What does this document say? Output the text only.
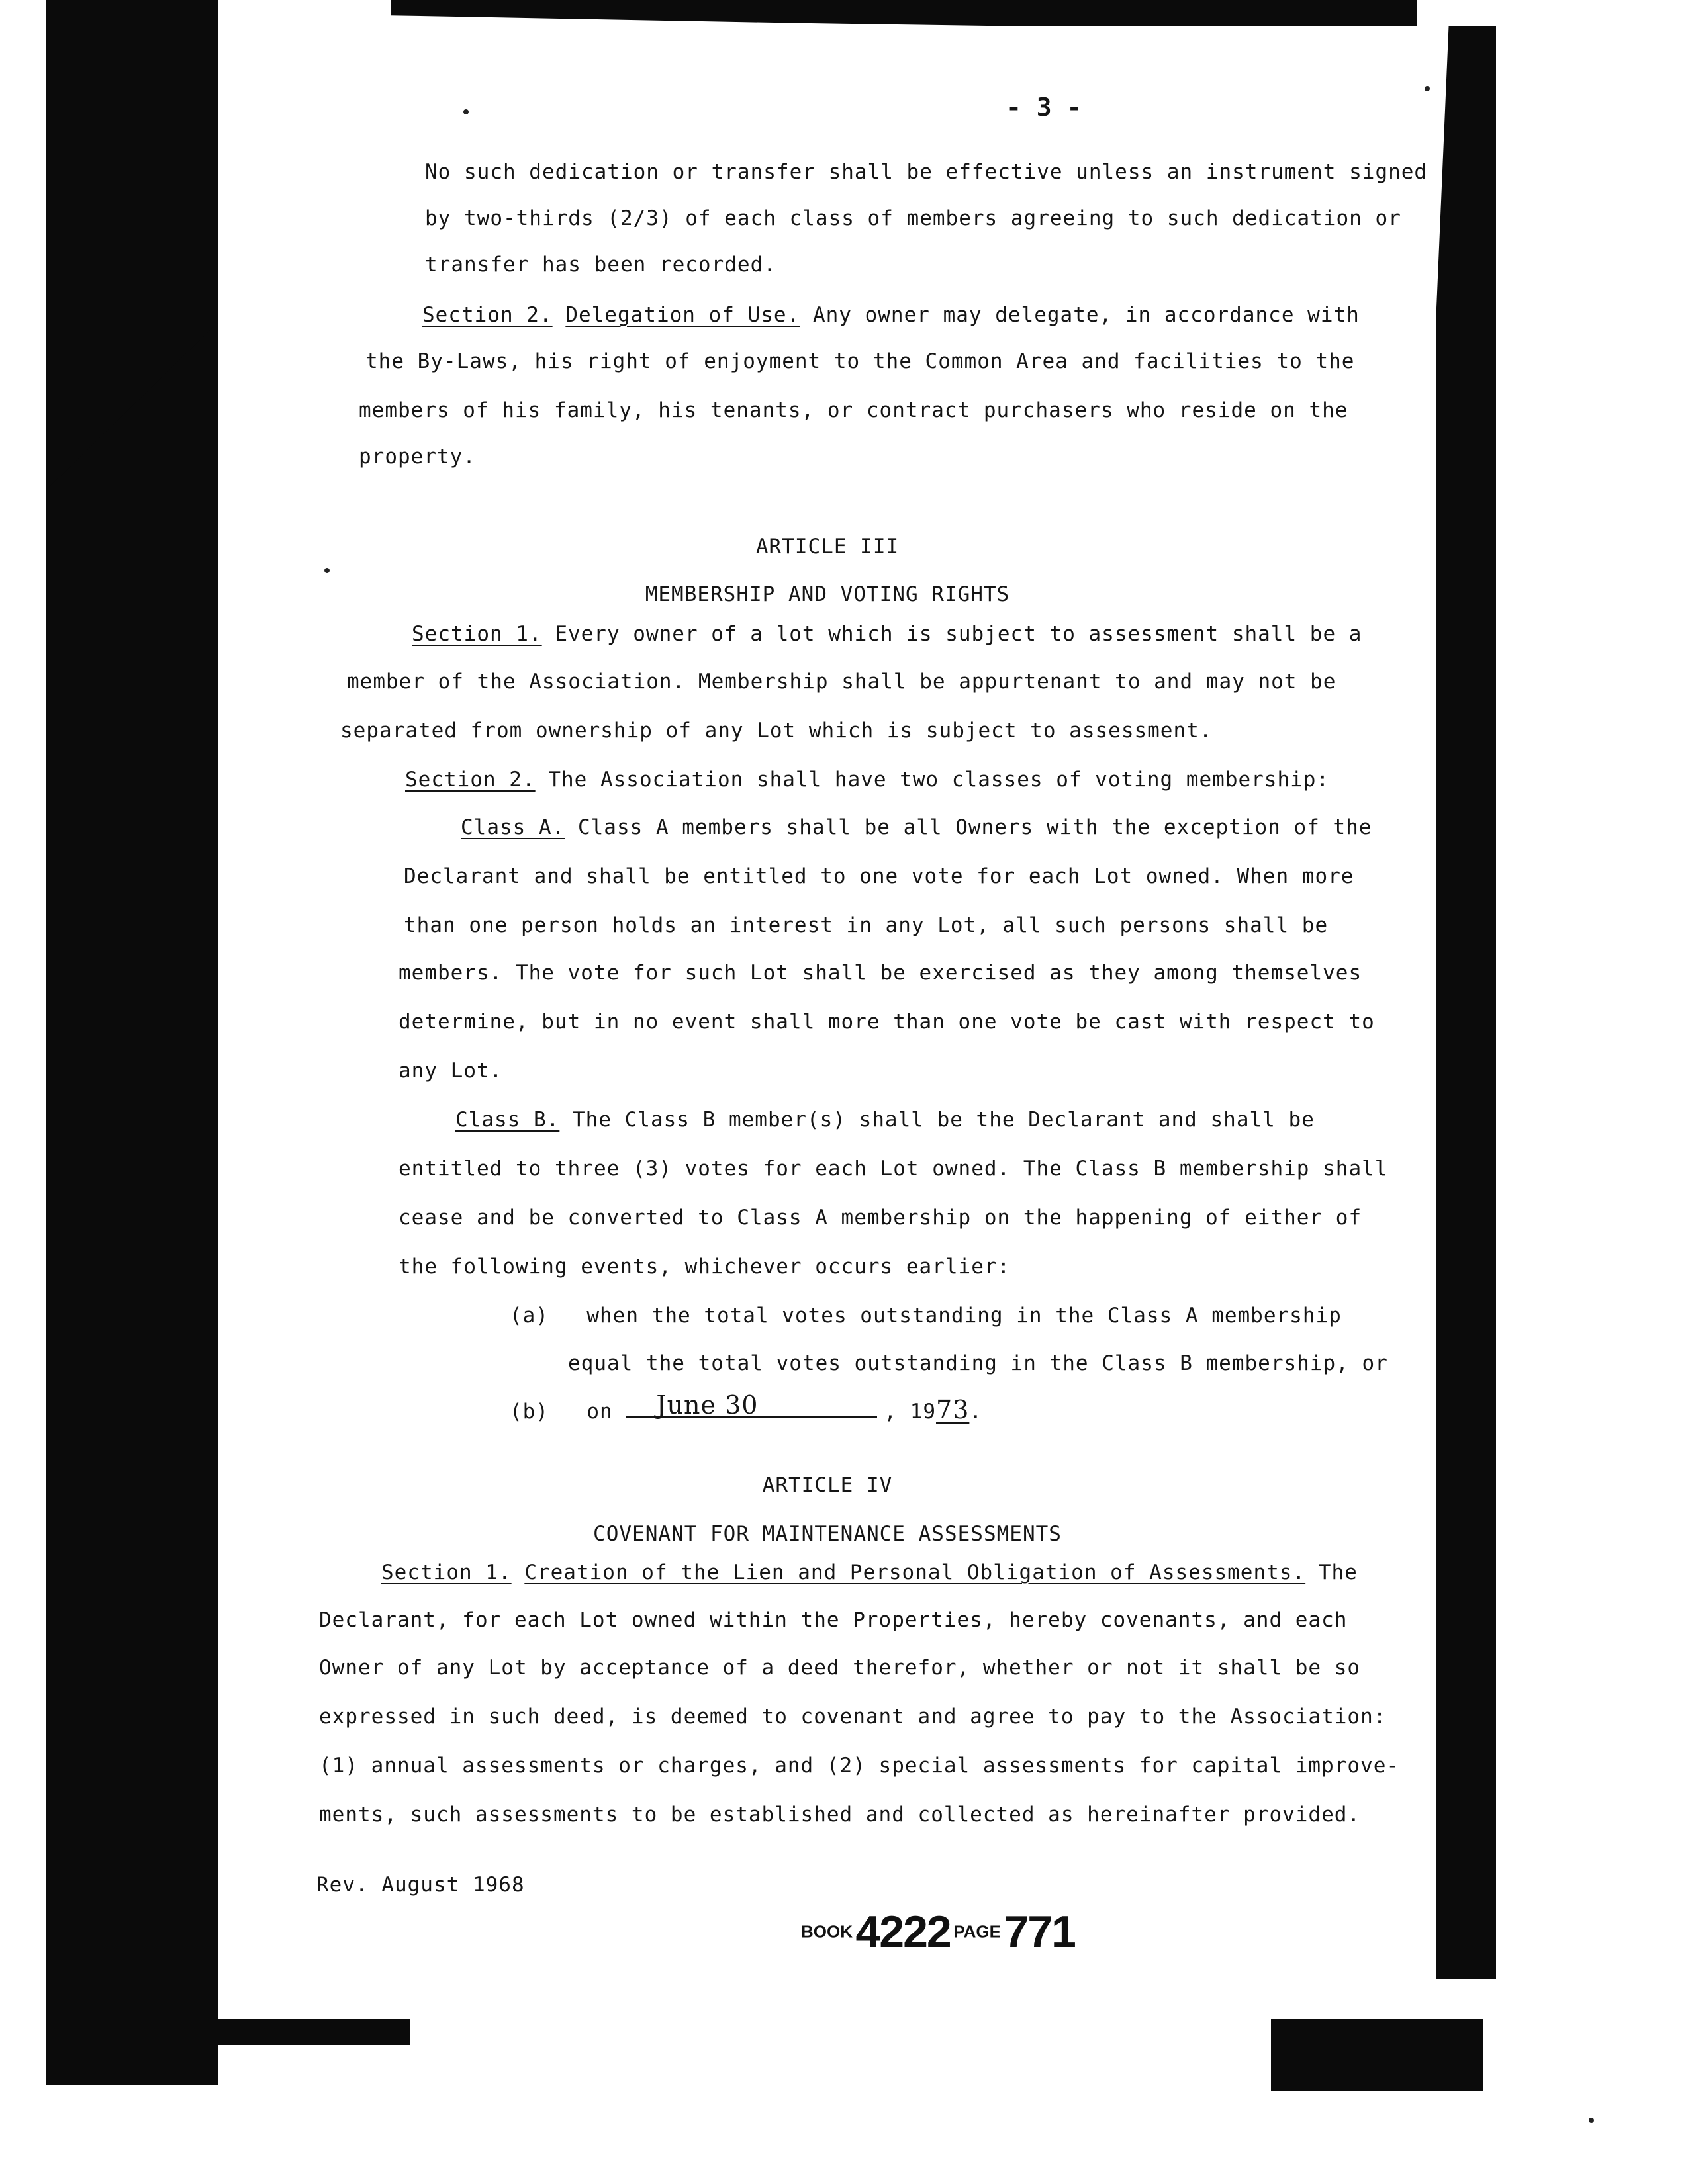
- 3 -
No such dedication or transfer shall be effective unless an instrument signed
by two-thirds (2/3) of each class of members agreeing to such dedication or
transfer has been recorded.
Section 2. Delegation of Use. Any owner may delegate, in accordance with
the By-Laws, his right of enjoyment to the Common Area and facilities to the
members of his family, his tenants, or contract purchasers who reside on the
property.
ARTICLE III
MEMBERSHIP AND VOTING RIGHTS
Section 1. Every owner of a lot which is subject to assessment shall be a
member of the Association. Membership shall be appurtenant to and may not be
separated from ownership of any Lot which is subject to assessment.
Section 2. The Association shall have two classes of voting membership:
Class A. Class A members shall be all Owners with the exception of the
Declarant and shall be entitled to one vote for each Lot owned. When more
than one person holds an interest in any Lot, all such persons shall be
members. The vote for such Lot shall be exercised as they among themselves
determine, but in no event shall more than one vote be cast with respect to
any Lot.
Class B. The Class B member(s) shall be the Declarant and shall be
entitled to three (3) votes for each Lot owned. The Class B membership shall
cease and be converted to Class A membership on the happening of either of
the following events, whichever occurs earlier:
(a) when the total votes outstanding in the Class A membership
equal the total votes outstanding in the Class B membership, or
(b) on June 30	, 1973.
ARTICLE IV
COVENANT FOR MAINTENANCE ASSESSMENTS
Section 1. Creation of the Lien and Personal Obligation of Assessments. The
Declarant, for each Lot owned within the Properties, hereby covenants, and each
Owner of any Lot by acceptance of a deed therefor, whether or not it shall be so
expressed in such deed, is deemed to covenant and agree to pay to the Association:
(1) annual assessments or charges, and (2) special assessments for capital improve-
ments, such assessments to be established and collected as hereinafter provided.
Rev. August 1968
BOOK 4222 PAGE 771
